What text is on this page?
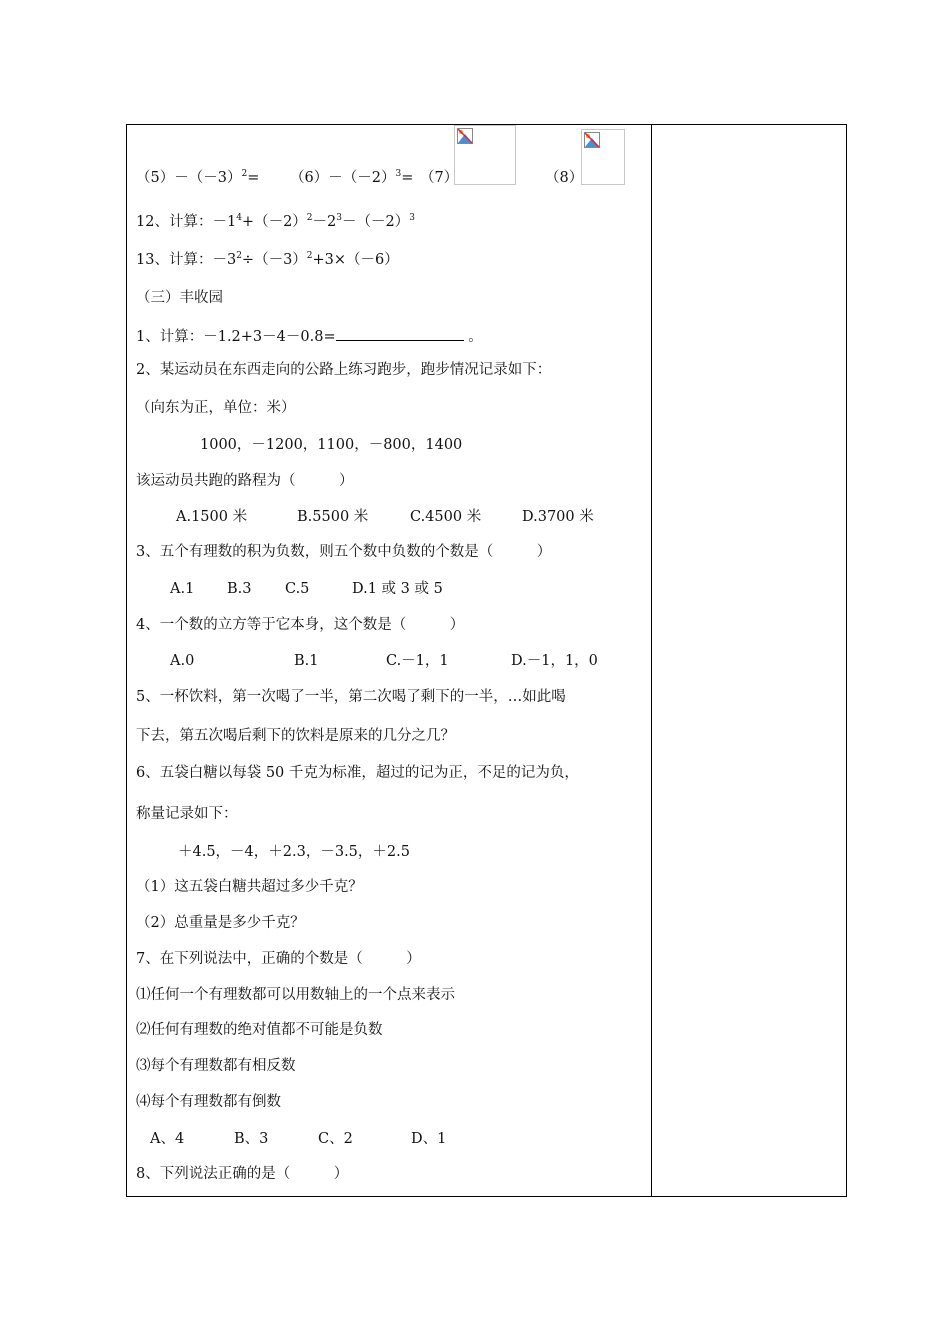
$(5)-(-3)^2= (6)-(-2)^3= (7)$	（8）
12、计算：$-1^4+(-2)^2-2^3-(-2)^3$
13、计算：$-3^2\div(-3)^2+3\times(-6)$
（三）丰收园
1、计算：－1.2+3－4－0.8=	。
2、某运动员在东西走向的公路上练习跑步，跑步情况记录如下：
（向东为正，单位：米）
1000，－1200，1100，－800，1400
该运动员共跑的路程为（　　　）
A.1500 米	B.5500 米	C.4500 米	D.3700 米
3、五个有理数的积为负数，则五个数中负数的个数是（　　　）
A.1 B.3 C.5	D.1 或 3 或 5
4、一个数的立方等于它本身，这个数是（　　　）
A.0	B.1	C.－1，1	D.－1，1，0
5、一杯饮料，第一次喝了一半，第二次喝了剩下的一半，…如此喝
下去，第五次喝后剩下的饮料是原来的几分之几？
6、五袋白糖以每袋 50 千克为标准，超过的记为正，不足的记为负，
称量记录如下：
＋4.5，－4，＋2.3，－3.5，＋2.5
（1）这五袋白糖共超过多少千克？
（2）总重量是多少千克？
7、在下列说法中，正确的个数是（　　　）
⑴任何一个有理数都可以用数轴上的一个点来表示
⑵任何有理数的绝对值都不可能是负数
⑶每个有理数都有相反数
⑷每个有理数都有倒数
A、4	B、3	C、2	D、1
8、下列说法正确的是（　　　）
